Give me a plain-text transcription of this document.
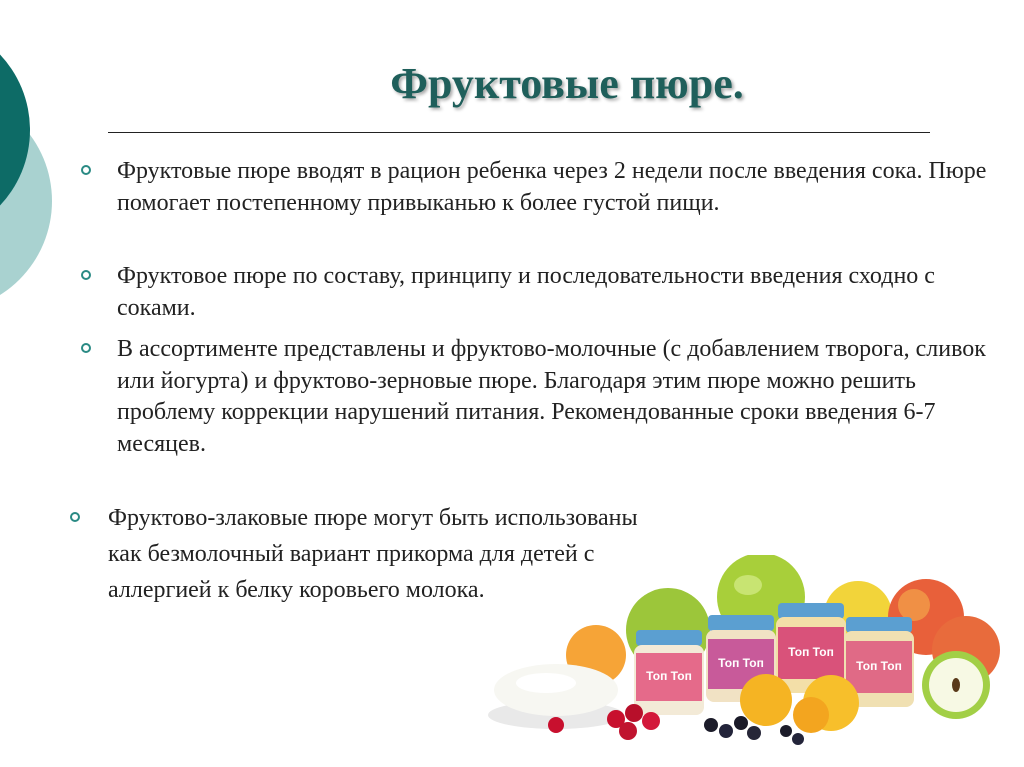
Фруктовые пюре.
Фруктовые пюре вводят в рацион ребенка через 2 недели после введения сока. Пюре помогает постепенному привыканью к более густой пищи.
Фруктовое пюре по составу, принципу и последовательности введения сходно с соками.
В ассортименте представлены и фруктово-молочные (с добавлением творога, сливок или йогурта) и фруктово-зерновые пюре. Благодаря этим пюре можно решить проблему коррекции нарушений питания. Рекомендованные сроки введения 6-7 месяцев.
Фруктово-злаковые пюре могут быть использованы как безмолочный вариант прикорма для детей с аллергией к белку коровьего молока.
Топ Топ
Топ Топ
Топ Топ
Топ Топ
